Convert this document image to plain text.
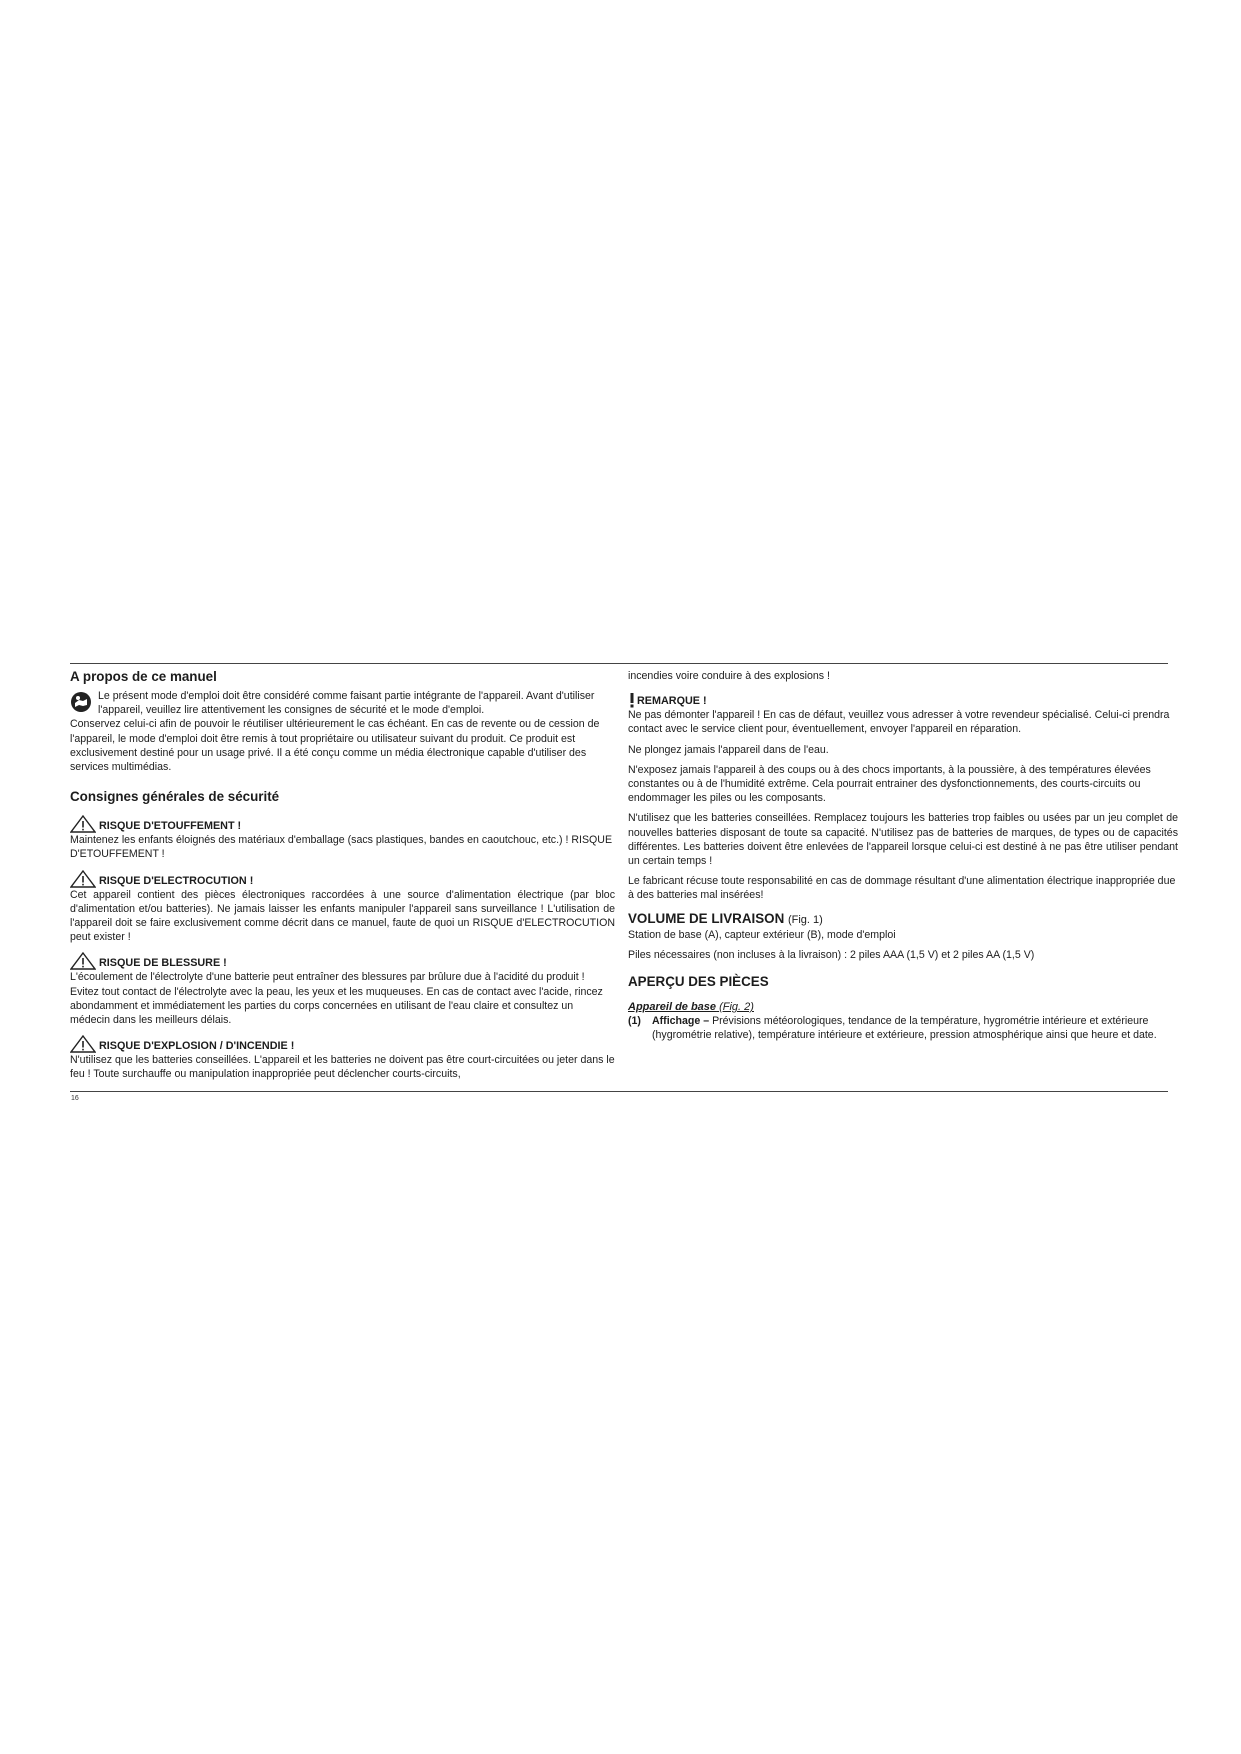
A propos de ce manuel

Le présent mode d'emploi doit être considéré comme faisant partie intégrante de l'appareil. Avant d'utiliser l'appareil, veuillez lire attentivement les consignes de sécurité et le mode d'emploi.

Conservez celui-ci afin de pouvoir le réutiliser ultérieurement le cas échéant. En cas de revente ou de cession de l'appareil, le mode d'emploi doit être remis à tout propriétaire ou utilisateur suivant du produit. Ce produit est exclusivement destiné pour un usage privé. Il a été conçu comme un média électronique capable d'utiliser des services multimédias.

Consignes générales de sécurité
RISQUE D'ETOUFFEMENT !

Maintenez les enfants éloignés des matériaux d'emballage (sacs plastiques, bandes en caoutchouc, etc.) ! RISQUE D'ETOUFFEMENT !

RISQUE D'ELECTROCUTION !

Cet appareil contient des pièces électroniques raccordées à une source d'alimentation électrique (par bloc d'alimentation et/ou batteries). Ne jamais laisser les enfants manipuler l'appareil sans surveillance ! L'utilisation de l'appareil doit se faire exclusivement comme décrit dans ce manuel, faute de quoi un RISQUE d'ELECTROCUTION peut exister !

RISQUE DE BLESSURE !

L'écoulement de l'électrolyte d'une batterie peut entraîner des blessures par brûlure due à l'acidité du produit ! Evitez tout contact de l'électrolyte avec la peau, les yeux et les muqueuses. En cas de contact avec l'acide, rincez abondamment et immédiatement les parties du corps concernées en utilisant de l'eau claire et consultez un médecin dans les meilleurs délais.

RISQUE D'EXPLOSION / D'INCENDIE !

N'utilisez que les batteries conseillées. L'appareil et les batteries ne doivent pas être court-circuitées ou jeter dans le feu ! Toute surchauffe ou manipulation inappropriée peut déclencher courts-circuits,

incendies voire conduire à des explosions !

REMARQUE !

Ne pas démonter l'appareil ! En cas de défaut, veuillez vous adresser à votre revendeur spécialisé. Celui-ci prendra contact avec le service client pour, éventuellement, envoyer l'appareil en réparation.

Ne plongez jamais l'appareil dans de l'eau.

N'exposez jamais l'appareil à des coups ou à des chocs importants, à la poussière, à des températures élevées constantes ou à de l'humidité extrême. Cela pourrait entrainer des dysfonctionnements, des courts-circuits ou endommager les piles ou les composants.

N'utilisez que les batteries conseillées. Remplacez toujours les batteries trop faibles ou usées par un jeu complet de nouvelles batteries disposant de toute sa capacité. N'utilisez pas de batteries de marques, de types ou de capacités différentes. Les batteries doivent être enlevées de l'appareil lorsque celui-ci est destiné à ne pas être utiliser pendant un certain temps !

Le fabricant récuse toute responsabilité en cas de dommage résultant d'une alimentation électrique inappropriée due à des batteries mal insérées!

VOLUME DE LIVRAISON (Fig. 1)

Station de base (A), capteur extérieur (B), mode d'emploi

Piles nécessaires (non incluses à la livraison) : 2 piles AAA (1,5 V) et 2 piles AA (1,5 V)

APERÇU DES PIÈCES

Appareil de base (Fig. 2)

(1)	Affichage – Prévisions météorologiques, tendance de la température, hygrométrie intérieure et extérieure (hygrométrie relative), température intérieure et extérieure, pression atmosphérique ainsi que heure et date.
16
